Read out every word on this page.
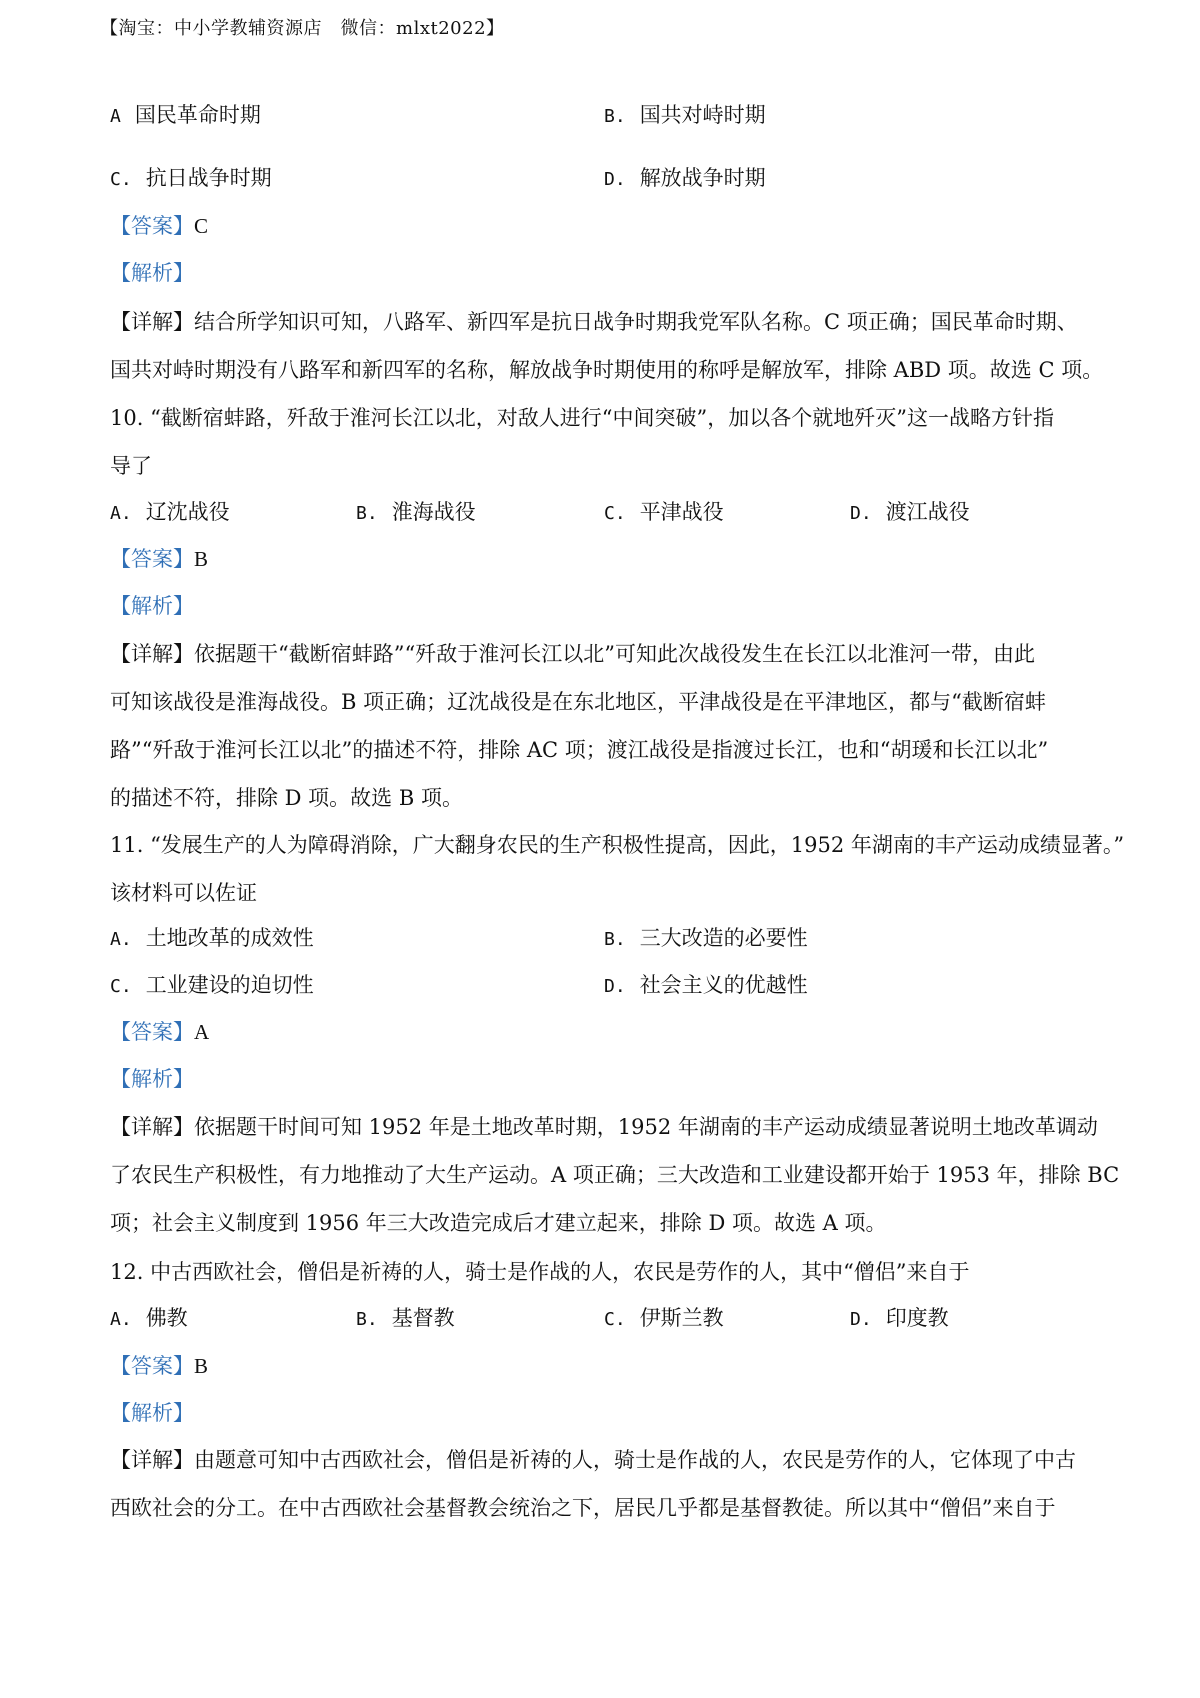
【淘宝：中小学教辅资源店　微信：mlxt2022】
A 国民革命时期	B. 国共对峙时期
C. 抗日战争时期	D. 解放战争时期
【答案】C
【解析】
【详解】结合所学知识可知，八路军、新四军是抗日战争时期我党军队名称。C 项正确；国民革命时期、
国共对峙时期没有八路军和新四军的名称，解放战争时期使用的称呼是解放军，排除 ABD 项。故选 C 项。
10. “截断宿蚌路，歼敌于淮河长江以北，对敌人进行“中间突破”，加以各个就地歼灭”这一战略方针指
导了
A. 辽沈战役	B. 淮海战役	C. 平津战役	D. 渡江战役
【答案】B
【解析】
【详解】依据题干“截断宿蚌路”“歼敌于淮河长江以北”可知此次战役发生在长江以北淮河一带，由此
可知该战役是淮海战役。B 项正确；辽沈战役是在东北地区，平津战役是在平津地区，都与“截断宿蚌
路”“歼敌于淮河长江以北”的描述不符，排除 AC 项；渡江战役是指渡过长江，也和“胡瑗和长江以北”
的描述不符，排除 D 项。故选 B 项。
11. “发展生产的人为障碍消除，广大翻身农民的生产积极性提高，因此，1952 年湖南的丰产运动成绩显著。”
该材料可以佐证
A. 土地改革的成效性	B. 三大改造的必要性
C. 工业建设的迫切性	D. 社会主义的优越性
【答案】A
【解析】
【详解】依据题干时间可知 1952 年是土地改革时期，1952 年湖南的丰产运动成绩显著说明土地改革调动
了农民生产积极性，有力地推动了大生产运动。A 项正确；三大改造和工业建设都开始于 1953 年，排除 BC
项；社会主义制度到 1956 年三大改造完成后才建立起来，排除 D 项。故选 A 项。
12. 中古西欧社会，僧侣是祈祷的人，骑士是作战的人，农民是劳作的人，其中“僧侣”来自于
A. 佛教	B. 基督教	C. 伊斯兰教	D. 印度教
【答案】B
【解析】
【详解】由题意可知中古西欧社会，僧侣是祈祷的人，骑士是作战的人，农民是劳作的人，它体现了中古
西欧社会的分工。在中古西欧社会基督教会统治之下，居民几乎都是基督教徒。所以其中“僧侣”来自于
